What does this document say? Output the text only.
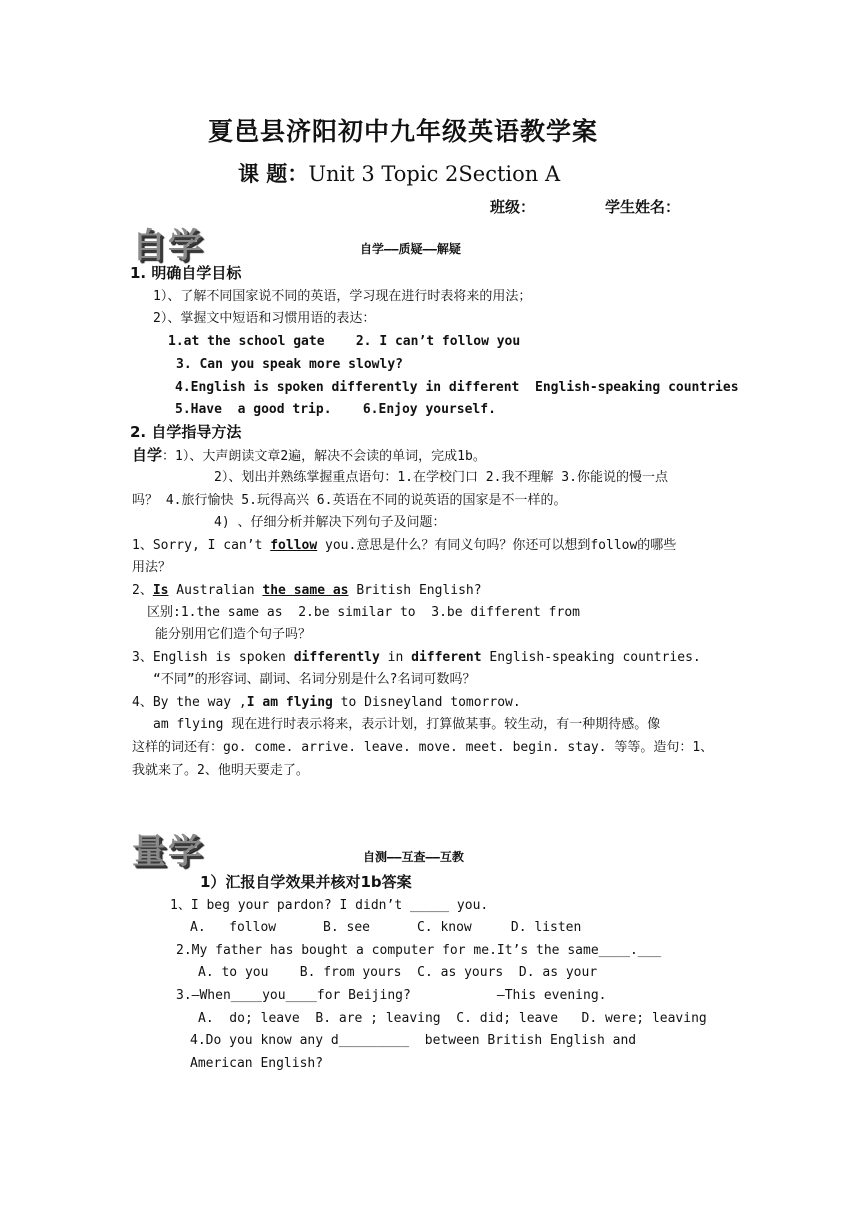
夏邑县济阳初中九年级英语教学案
课 题：Unit 3 Topic 2Section A
班级：	学生姓名：
自学	自学——质疑——解疑
1. 明确自学目标
1）、了解不同国家说不同的英语，学习现在进行时表将来的用法；
2）、掌握文中短语和习惯用语的表达：
1.at the school gate    2. I can’t follow you
3. Can you speak more slowly?
4.English is spoken differently in different  English-speaking countries
5.Have  a good trip.    6.Enjoy yourself.
2. 自学指导方法
自学：1）、大声朗读文章2遍，解决不会读的单词，完成1b。
2）、划出并熟练掌握重点语句：1.在学校门口 2.我不理解 3.你能说的慢一点
吗？ 4.旅行愉快 5.玩得高兴 6.英语在不同的说英语的国家是不一样的。
4) 、仔细分析并解决下列句子及问题：
1、Sorry, I can’t follow you.意思是什么？有同义句吗？你还可以想到follow的哪些
用法？
2、Is Australian the same as British English?
区别:1.the same as  2.be similar to  3.be different from
能分别用它们造个句子吗？
3、English is spoken differently in different English-speaking countries.
“不同”的形容词、副词、名词分别是什么?名词可数吗？
4、By the way ,I am flying to Disneyland tomorrow.
am flying 现在进行时表示将来，表示计划，打算做某事。较生动，有一种期待感。像
这样的词还有：go. come. arrive. leave. move. meet. begin. stay. 等等。造句：1、
我就来了。2、他明天要走了。
量学	自测——互查——互教
1）汇报自学效果并核对1b答案
1、I beg your pardon? I didn’t _____ you.
A.   follow      B. see      C. know     D. listen
2.My father has bought a computer for me.It’s the same____.___
A. to you    B. from yours  C. as yours  D. as your
3.—When____you____for Beijing?           —This evening.
A.  do; leave  B. are ; leaving  C. did; leave   D. were; leaving
4.Do you know any d_________  between British English and
American English?
